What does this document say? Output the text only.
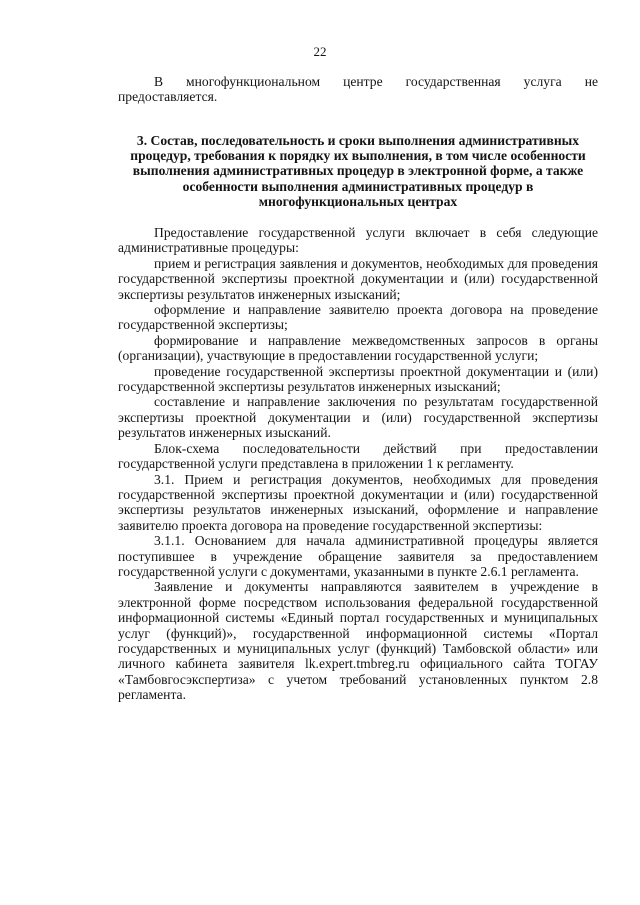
22

В многофункциональном центре государственная услуга не предоставляется.

3. Состав, последовательность и сроки выполнения административных процедур, требования к порядку их выполнения, в том числе особенности выполнения административных процедур в электронной форме, а также особенности выполнения административных процедур в многофункциональных центрах

Предоставление государственной услуги включает в себя следующие административные процедуры:

прием и регистрация заявления и документов, необходимых для проведения государственной экспертизы проектной документации и (или) государственной экспертизы результатов инженерных изысканий;

оформление и направление заявителю проекта договора на проведение государственной экспертизы;

формирование и направление межведомственных запросов в органы (организации), участвующие в предоставлении государственной услуги;

проведение государственной экспертизы проектной документации и (или) государственной экспертизы результатов инженерных изысканий;

составление и направление заключения по результатам государственной экспертизы проектной документации и (или) государственной экспертизы результатов инженерных изысканий.

Блок-схема последовательности действий при предоставлении государственной услуги представлена в приложении 1 к регламенту.

3.1. Прием и регистрация документов, необходимых для проведения государственной экспертизы проектной документации и (или) государственной экспертизы результатов инженерных изысканий, оформление и направление заявителю проекта договора на проведение государственной экспертизы:

3.1.1. Основанием для начала административной процедуры является поступившее в учреждение обращение заявителя за предоставлением государственной услуги с документами, указанными в пункте 2.6.1 регламента.

Заявление и документы направляются заявителем в учреждение в электронной форме посредством использования федеральной государственной информационной системы «Единый портал государственных и муниципальных услуг (функций)», государственной информационной системы «Портал государственных и муниципальных услуг (функций) Тамбовской области» или личного кабинета заявителя lk.expert.tmbreg.ru официального сайта ТОГАУ «Тамбовгосэкспертиза» с учетом требований установленных пунктом 2.8 регламента.
